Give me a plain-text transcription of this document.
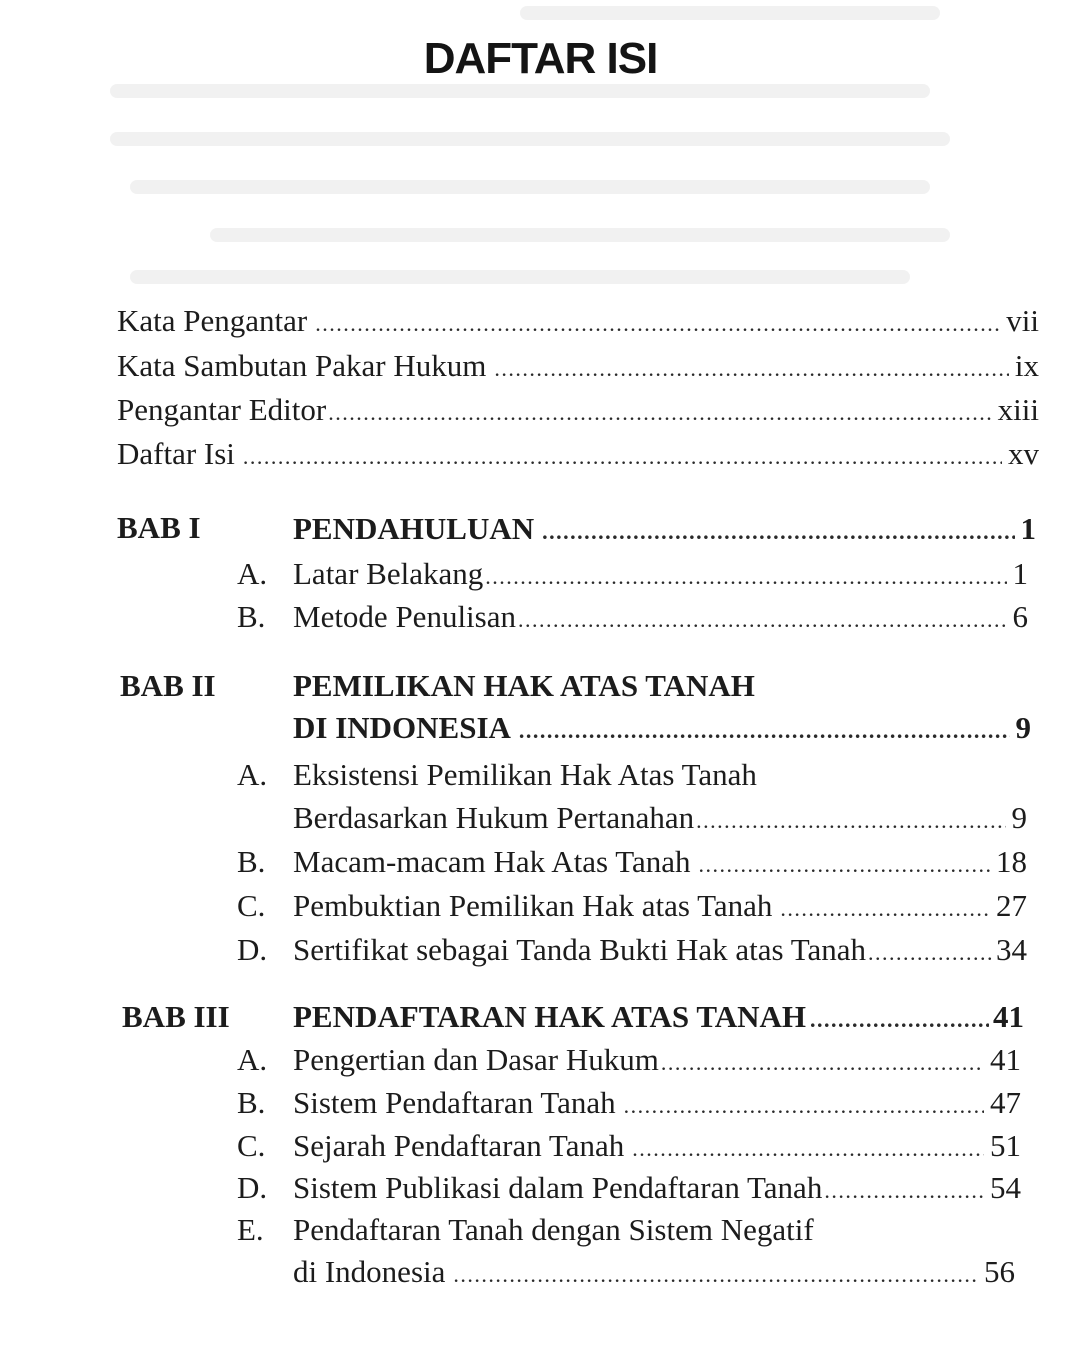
DAFTAR ISI
Kata Pengantar .....	vii
Kata Sambutan Pakar Hukum .....	ix
Pengantar Editor .....	xiii
Daftar Isi .....	xv
BAB I	PENDAHULUAN .....	1
A. Latar Belakang .....	1
B. Metode Penulisan .....	6
BAB II PEMILIKAN HAK ATAS TANAH
DI INDONESIA .....	9
A. Eksistensi Pemilikan Hak Atas Tanah
Berdasarkan Hukum Pertanahan .....	9
B. Macam-macam Hak Atas Tanah .....	18
C. Pembuktian Pemilikan Hak atas Tanah .....	27
D. Sertifikat sebagai Tanda Bukti Hak atas Tanah .....	34
BAB III PENDAFTARAN HAK ATAS TANAH .....	41
A. Pengertian dan Dasar Hukum .....	41
B. Sistem Pendaftaran Tanah .....	47
C. Sejarah Pendaftaran Tanah .....	51
D. Sistem Publikasi dalam Pendaftaran Tanah .....	54
E. Pendaftaran Tanah dengan Sistem Negatif
di Indonesia .....	56
